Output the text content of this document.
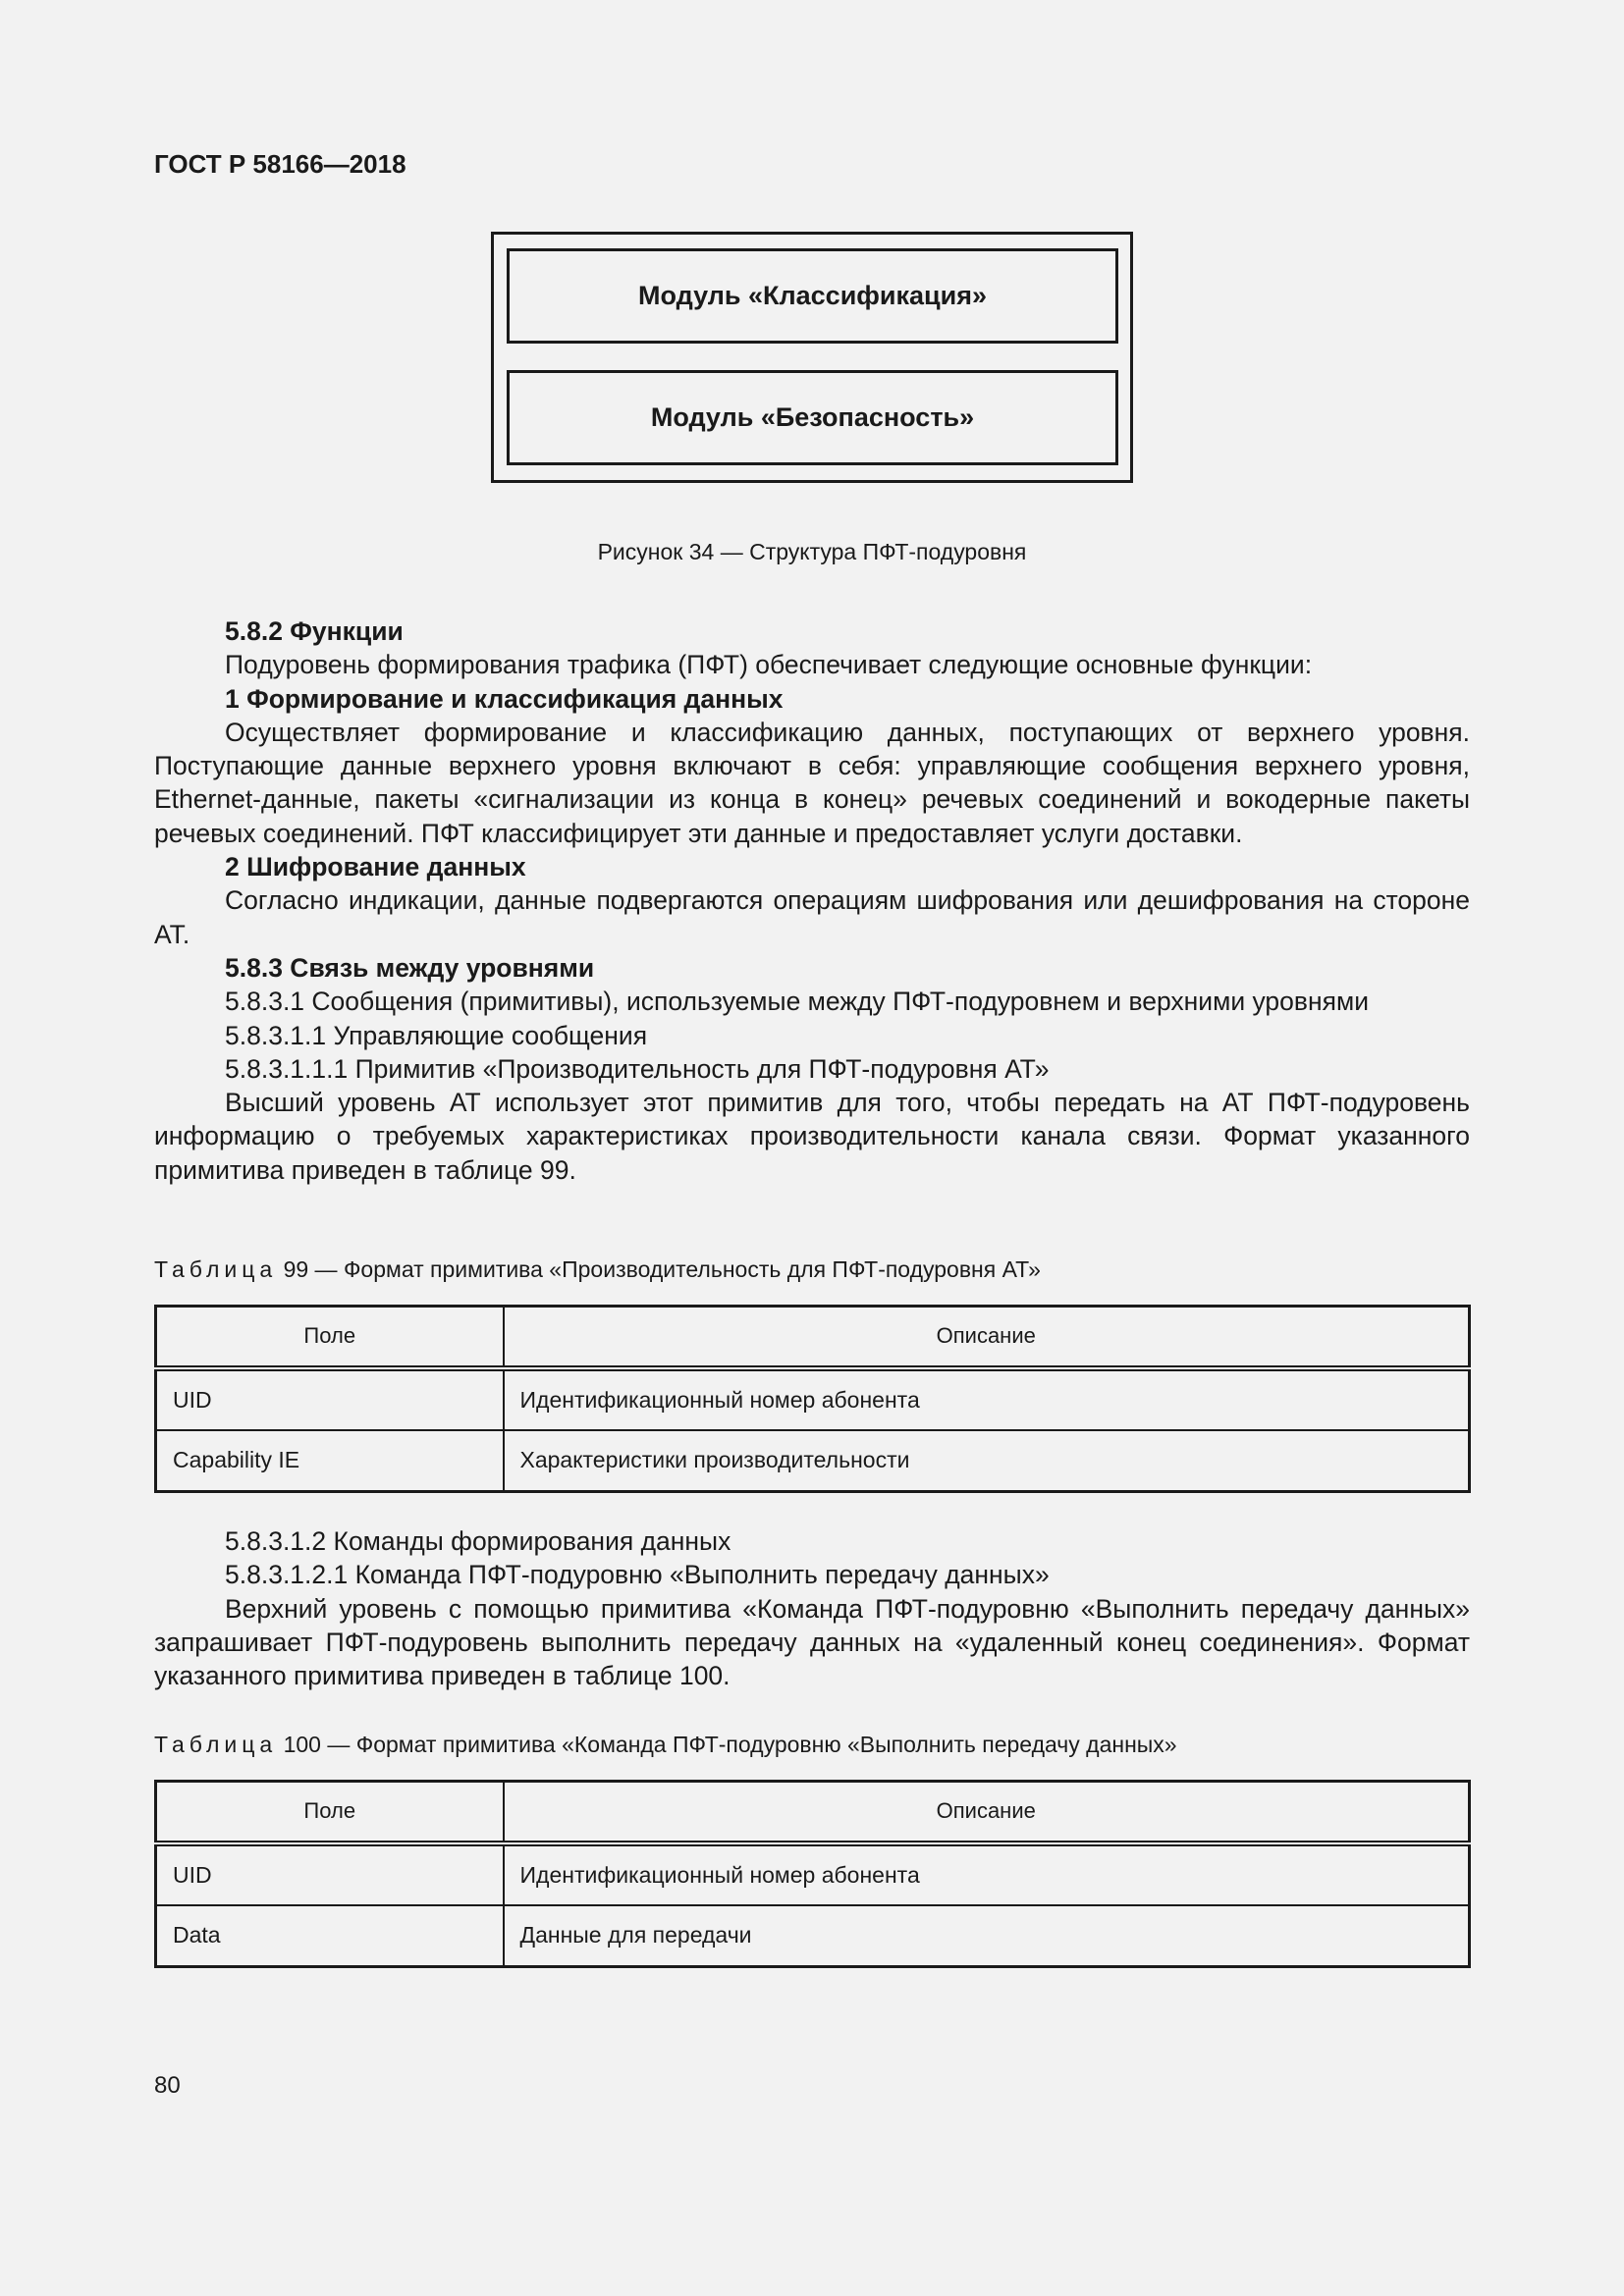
ГОСТ Р 58166—2018
Модуль «Классификация»
Модуль «Безопасность»
Рисунок 34 — Структура ПФТ-подуровня

5.8.2 Функции

Подуровень формирования трафика (ПФТ) обеспечивает следующие основные функции:

1 Формирование и классификация данных

Осуществляет формирование и классификацию данных, поступающих от верхнего уровня. Поступающие данные верхнего уровня включают в себя: управляющие сообщения верхнего уровня, Ethernet-данные, пакеты «сигнализации из конца в конец» речевых соединений и вокодерные пакеты речевых соединений. ПФТ классифицирует эти данные и предоставляет услуги доставки.

2 Шифрование данных

Согласно индикации, данные подвергаются операциям шифрования или дешифрования на стороне АТ.

5.8.3 Связь между уровнями

5.8.3.1 Сообщения (примитивы), используемые между ПФТ-подуровнем и верхними уровнями

5.8.3.1.1 Управляющие сообщения

5.8.3.1.1.1 Примитив «Производительность для ПФТ-подуровня АТ»

Высший уровень АТ использует этот примитив для того, чтобы передать на АТ ПФТ-подуровень информацию о требуемых характеристиках производительности канала связи. Формат указанного примитива приведен в таблице 99.

Таблица 99 — Формат примитива «Производительность для ПФТ-подуровня АТ»
Поле	Описание
UID	Идентификационный номер абонента
Capability IE	Характеристики производительности

5.8.3.1.2 Команды формирования данных

5.8.3.1.2.1 Команда ПФТ-подуровню «Выполнить передачу данных»

Верхний уровень с помощью примитива «Команда ПФТ-подуровню «Выполнить передачу данных» запрашивает ПФТ-подуровень выполнить передачу данных на «удаленный конец соединения». Формат указанного примитива приведен в таблице 100.

Таблица 100 — Формат примитива «Команда ПФТ-подуровню «Выполнить передачу данных»
Поле	Описание
UID	Идентификационный номер абонента
Data	Данные для передачи
80
